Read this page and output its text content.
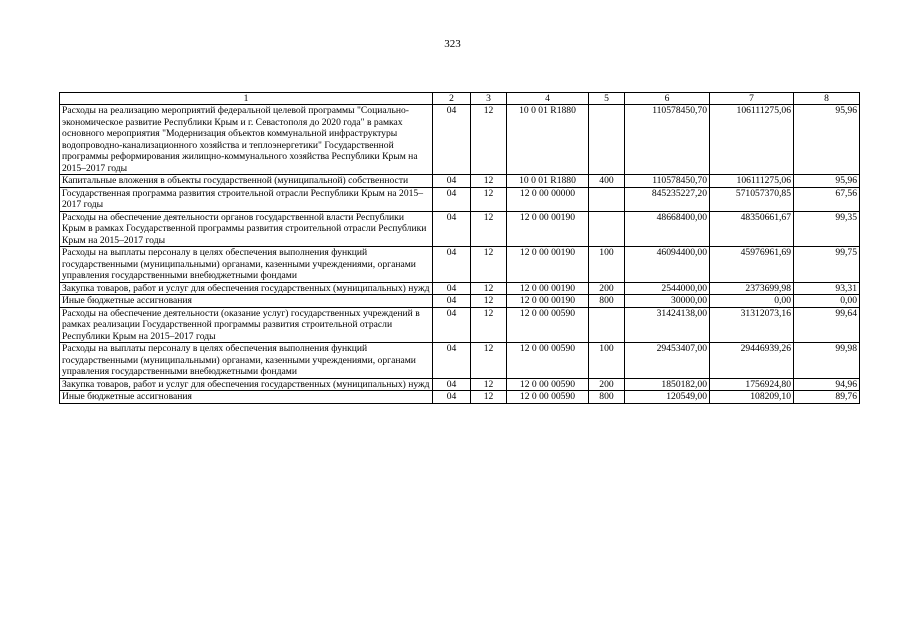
323
1	2	3	4	5	6	7	8
Расходы на реализацию мероприятий федеральной целевой программы "Социально-экономическое развитие Республики Крым и г. Севастополя до 2020 года" в рамках основного мероприятия "Модернизация объектов коммунальной инфраструктуры водопроводно-канализационного хозяйства и теплоэнергетики" Государственной программы реформирования жилищно-коммунального хозяйства Республики Крым на 2015–2017 годы	04	12	10 0 01 R1880		110578450,70	106111275,06	95,96
Капитальные вложения в объекты государственной (муниципальной) собственности	04	12	10 0 01 R1880	400	110578450,70	106111275,06	95,96
Государственная программа развития строительной отрасли Республики Крым на 2015–2017 годы	04	12	12 0 00 00000		845235227,20	571057370,85	67,56
Расходы на обеспечение деятельности органов государственной власти Республики Крым в рамках Государственной программы развития строительной отрасли Республики Крым на 2015–2017 годы	04	12	12 0 00 00190		48668400,00	48350661,67	99,35
Расходы на выплаты персоналу в целях обеспечения выполнения функций государственными (муниципальными) органами, казенными учреждениями, органами управления государственными внебюджетными фондами	04	12	12 0 00 00190	100	46094400,00	45976961,69	99,75
Закупка товаров, работ и услуг для обеспечения государственных (муниципальных) нужд	04	12	12 0 00 00190	200	2544000,00	2373699,98	93,31
Иные бюджетные ассигнования	04	12	12 0 00 00190	800	30000,00	0,00	0,00
Расходы на обеспечение деятельности (оказание услуг) государственных учреждений в рамках реализации Государственной программы развития строительной отрасли Республики Крым на 2015–2017 годы	04	12	12 0 00 00590		31424138,00	31312073,16	99,64
Расходы на выплаты персоналу в целях обеспечения выполнения функций государственными (муниципальными) органами, казенными учреждениями, органами управления государственными внебюджетными фондами	04	12	12 0 00 00590	100	29453407,00	29446939,26	99,98
Закупка товаров, работ и услуг для обеспечения государственных (муниципальных) нужд	04	12	12 0 00 00590	200	1850182,00	1756924,80	94,96
Иные бюджетные ассигнования	04	12	12 0 00 00590	800	120549,00	108209,10	89,76
